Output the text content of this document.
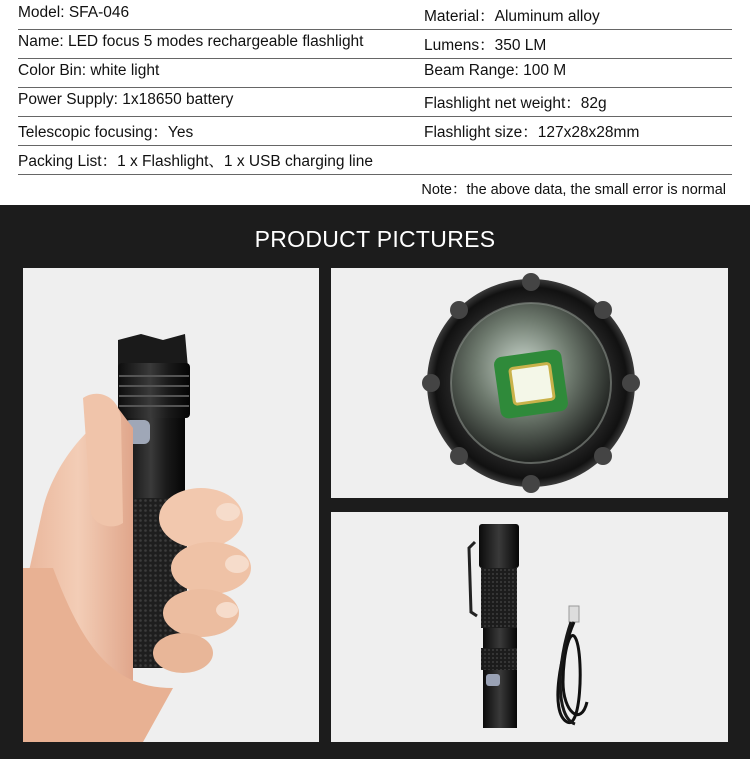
Model: SFA-046	Material：Aluminum alloy
Name: LED focus 5 modes rechargeable flashlight	Lumens：350 LM
Color Bin: white light	Beam Range: 100 M
Power Supply: 1x18650 battery	Flashlight net weight：82g
Telescopic focusing：Yes	Flashlight size：127x28x28mm
Packing List：1 x Flashlight、1 x USB charging line
Note：the above data, the small error is normal
PRODUCT PICTURES
